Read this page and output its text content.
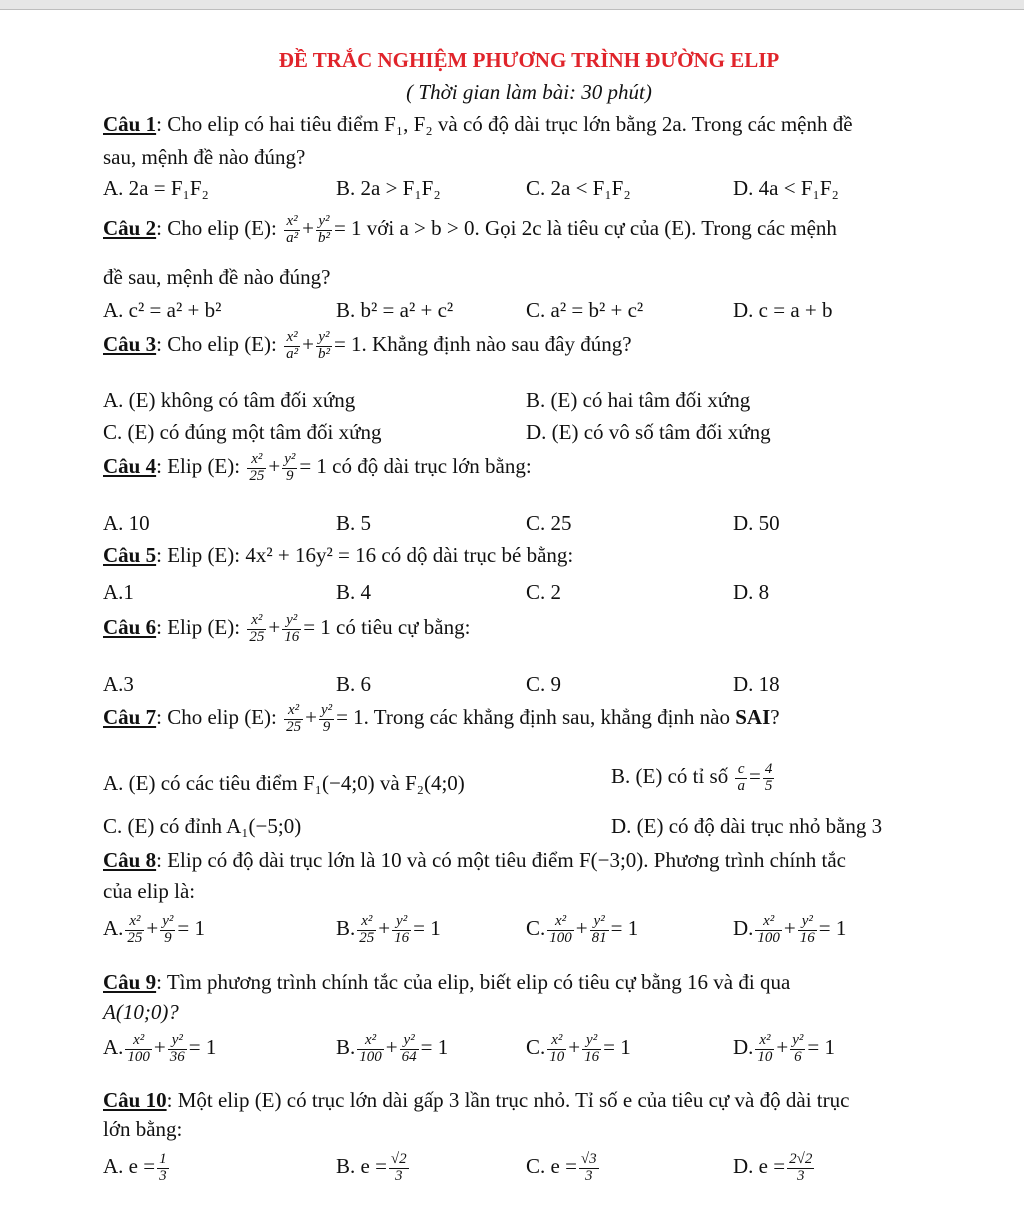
ĐỀ TRẮC NGHIỆM PHƯƠNG TRÌNH ĐƯỜNG ELIP
( Thời gian làm bài: 30 phút)
Câu 1: Cho elip có hai tiêu điểm F₁, F₂ và có độ dài trục lớn bằng 2a. Trong các mệnh đề
sau, mệnh đề nào đúng?
A. 2a = F₁F₂	B. 2a > F₁F₂	C. 2a < F₁F₂	D. 4a < F₁F₂
Câu 2: Cho elip (E): $\frac{\text{x²}}{\text{a²}} + \frac{\text{y²}}{\text{b²}} = 1$ với a > b > 0. Gọi 2c là tiêu cự của (E). Trong các mệnh
đề sau, mệnh đề nào đúng?
A. c² = a² + b²	B. b² = a² + c²	C. a² = b² + c²	D. c = a + b
Câu 3: Cho elip (E): $\frac{\text{x²}}{\text{a²}} + \frac{\text{y²}}{\text{b²}} = 1$. Khẳng định nào sau đây đúng?
A. (E) không có tâm đối xứng	B. (E) có hai tâm đối xứng
C. (E) có đúng một tâm đối xứng	D. (E) có vô số tâm đối xứng
Câu 4: Elip (E): $\frac{\text{x²}}{25} + \frac{\text{y²}}{9} = 1$ có độ dài trục lớn bằng:
A. 10	B. 5	C. 25	D. 50
Câu 5: Elip (E): 4x² + 16y² = 16 có dộ dài trục bé bằng:
A.1	B. 4	C. 2	D. 8
Câu 6: Elip (E): $\frac{\text{x²}}{25} + \frac{\text{y²}}{16} = 1$ có tiêu cự bằng:
A.3	B. 6	C. 9	D. 18
Câu 7: Cho elip (E): $\frac{\text{x²}}{25} + \frac{\text{y²}}{9} = 1$. Trong các khẳng định sau, khẳng định nào SAI?
A. (E) có các tiêu điểm F₁(−4;0) và F₂(4;0)	B. (E) có tỉ số $\frac{c}{a} = \frac{4}{5}$
C. (E) có đỉnh A₁(−5;0)	D. (E) có độ dài trục nhỏ bằng 3
Câu 8: Elip có độ dài trục lớn là 10 và có một tiêu điểm F(−3;0). Phương trình chính tắc
của elip là:
A. $\frac{\text{x²}}{25} + \frac{\text{y²}}{9} = 1$	B. $\frac{\text{x²}}{25} + \frac{\text{y²}}{16} = 1$	C. $\frac{\text{x²}}{100} + \frac{\text{y²}}{81} = 1$	D. $\frac{\text{x²}}{100} + \frac{\text{y²}}{16} = 1$
Câu 9: Tìm phương trình chính tắc của elip, biết elip có tiêu cự bằng 16 và đi qua
A(10;0)?
A. $\frac{\text{x²}}{100} + \frac{\text{y²}}{36} = 1$	B. $\frac{\text{x²}}{100} + \frac{\text{y²}}{64} = 1$	C. $\frac{\text{x²}}{10} + \frac{\text{y²}}{16} = 1$	D. $\frac{\text{x²}}{10} + \frac{\text{y²}}{6} = 1$
Câu 10: Một elip (E) có trục lớn dài gấp 3 lần trục nhỏ. Tỉ số e của tiêu cự và độ dài trục
lớn bằng:
A. $e = \frac{1}{3}$	B. $e = \frac{√2}{3}$	C. $e = \frac{√3}{3}$	D. $e = \frac{2√2}{3}$
